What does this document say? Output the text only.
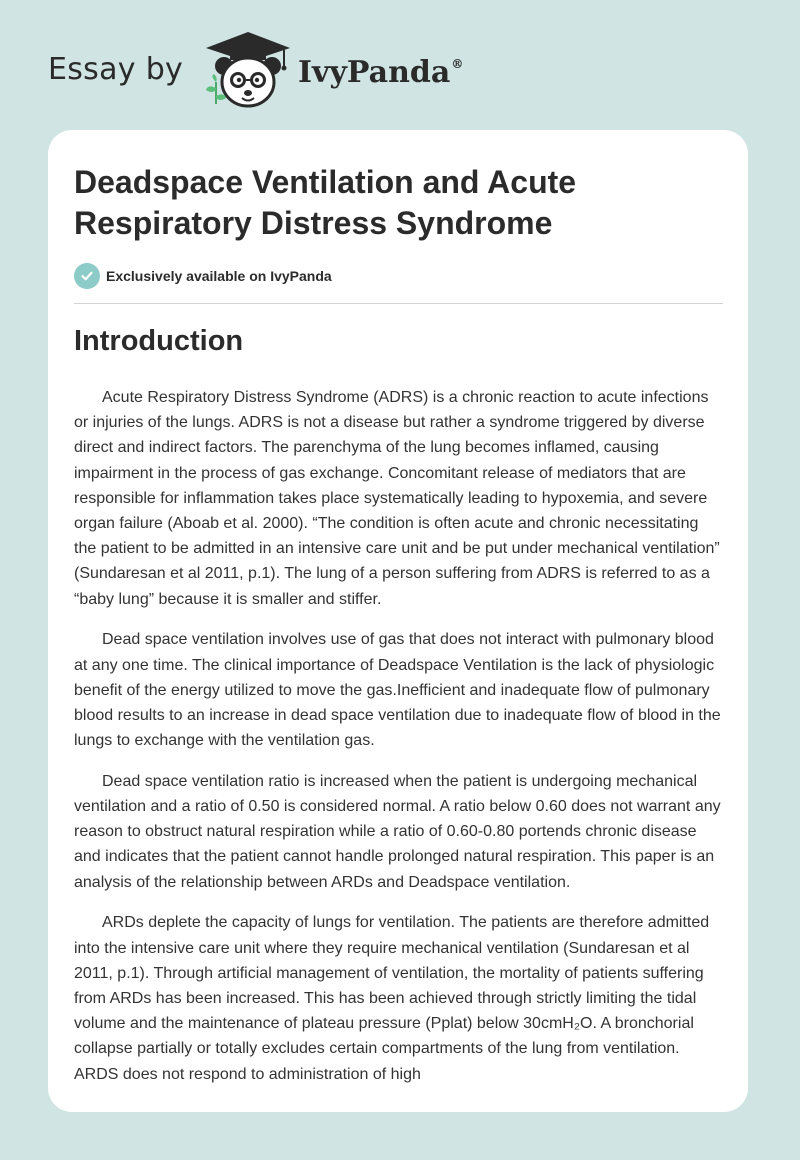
Essay by	IvyPanda®
Deadspace Ventilation and Acute Respiratory Distress Syndrome
Exclusively available on IvyPanda
Introduction

Acute Respiratory Distress Syndrome (ADRS) is a chronic reaction to acute infections or injuries of the lungs. ADRS is not a disease but rather a syndrome triggered by diverse direct and indirect factors. The parenchyma of the lung becomes inflamed, causing impairment in the process of gas exchange. Concomitant release of mediators that are responsible for inflammation takes place systematically leading to hypoxemia, and severe organ failure (Aboab et al. 2000). “The condition is often acute and chronic necessitating the patient to be admitted in an intensive care unit and be put under mechanical ventilation” (Sundaresan et al 2011, p.1). The lung of a person suffering from ADRS is referred to as a “baby lung” because it is smaller and stiffer.

Dead space ventilation involves use of gas that does not interact with pulmonary blood at any one time. The clinical importance of Deadspace Ventilation is the lack of physiologic benefit of the energy utilized to move the gas.Inefficient and inadequate flow of pulmonary blood results to an increase in dead space ventilation due to inadequate flow of blood in the lungs to exchange with the ventilation gas.

Dead space ventilation ratio is increased when the patient is undergoing mechanical ventilation and a ratio of 0.50 is considered normal. A ratio below 0.60 does not warrant any reason to obstruct natural respiration while a ratio of 0.60-0.80 portends chronic disease and indicates that the patient cannot handle prolonged natural respiration. This paper is an analysis of the relationship between ARDs and Deadspace ventilation.

ARDs deplete the capacity of lungs for ventilation. The patients are therefore admitted into the intensive care unit where they require mechanical ventilation (Sundaresan et al 2011, p.1). Through artificial management of ventilation, the mortality of patients suffering from ARDs has been increased. This has been achieved through strictly limiting the tidal volume and the maintenance of plateau pressure (Pplat) below 30cmH₂O. A bronchorial collapse partially or totally excludes certain compartments of the lung from ventilation. ARDS does not respond to administration of high
